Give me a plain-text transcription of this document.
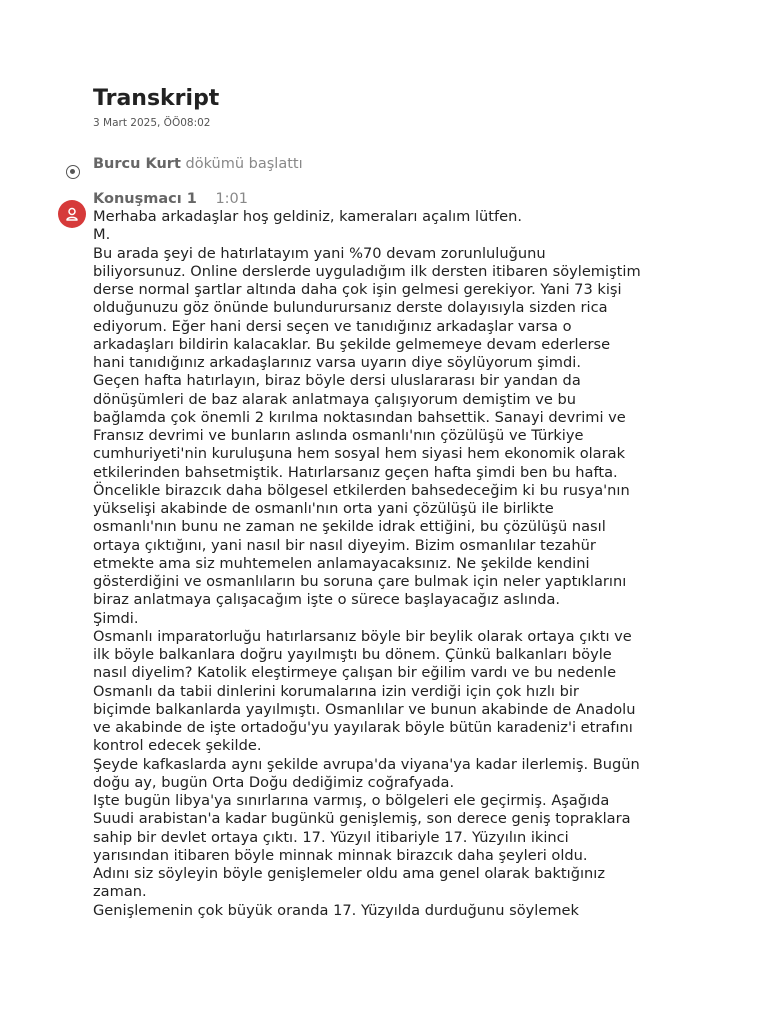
Transkript
3 Mart 2025, ÖÖ08:02
Burcu Kurt dökümü başlattı
Konuşmacı 1 1:01
Merhaba arkadaşlar hoş geldiniz, kameraları açalım lütfen.
M.
Bu arada şeyi de hatırlatayım yani %70 devam zorunluluğunu
biliyorsunuz. Online derslerde uyguladığım ilk dersten itibaren söylemiştim
derse normal şartlar altında daha çok işin gelmesi gerekiyor. Yani 73 kişi
olduğunuzu göz önünde bulundurursanız derste dolayısıyla sizden rica
ediyorum. Eğer hani dersi seçen ve tanıdığınız arkadaşlar varsa o
arkadaşları bildirin kalacaklar. Bu şekilde gelmemeye devam ederlerse
hani tanıdığınız arkadaşlarınız varsa uyarın diye söylüyorum şimdi.
Geçen hafta hatırlayın, biraz böyle dersi uluslararası bir yandan da
dönüşümleri de baz alarak anlatmaya çalışıyorum demiştim ve bu
bağlamda çok önemli 2 kırılma noktasından bahsettik. Sanayi devrimi ve
Fransız devrimi ve bunların aslında osmanlı'nın çözülüşü ve Türkiye
cumhuriyeti'nin kuruluşuna hem sosyal hem siyasi hem ekonomik olarak
etkilerinden bahsetmiştik. Hatırlarsanız geçen hafta şimdi ben bu hafta.
Öncelikle birazcık daha bölgesel etkilerden bahsedeceğim ki bu rusya'nın
yükselişi akabinde de osmanlı'nın orta yani çözülüşü ile birlikte
osmanlı'nın bunu ne zaman ne şekilde idrak ettiğini, bu çözülüşü nasıl
ortaya çıktığını, yani nasıl bir nasıl diyeyim. Bizim osmanlılar tezahür
etmekte ama siz muhtemelen anlamayacaksınız. Ne şekilde kendini
gösterdiğini ve osmanlıların bu soruna çare bulmak için neler yaptıklarını
biraz anlatmaya çalışacağım işte o sürece başlayacağız aslında.
Şimdi.
Osmanlı imparatorluğu hatırlarsanız böyle bir beylik olarak ortaya çıktı ve
ilk böyle balkanlara doğru yayılmıştı bu dönem. Çünkü balkanları böyle
nasıl diyelim? Katolik eleştirmeye çalışan bir eğilim vardı ve bu nedenle
Osmanlı da tabii dinlerini korumalarına izin verdiği için çok hızlı bir
biçimde balkanlarda yayılmıştı. Osmanlılar ve bunun akabinde de Anadolu
ve akabinde de işte ortadoğu'yu yayılarak böyle bütün karadeniz'i etrafını
kontrol edecek şekilde.
Şeyde kafkaslarda aynı şekilde avrupa'da viyana'ya kadar ilerlemiş. Bugün
doğu ay, bugün Orta Doğu dediğimiz coğrafyada.
Işte bugün libya'ya sınırlarına varmış, o bölgeleri ele geçirmiş. Aşağıda
Suudi arabistan'a kadar bugünkü genişlemiş, son derece geniş topraklara
sahip bir devlet ortaya çıktı. 17. Yüzyıl itibariyle 17. Yüzyılın ikinci
yarısından itibaren böyle minnak minnak birazcık daha şeyleri oldu.
Adını siz söyleyin böyle genişlemeler oldu ama genel olarak baktığınız
zaman.
Genişlemenin çok büyük oranda 17. Yüzyılda durduğunu söylemek
